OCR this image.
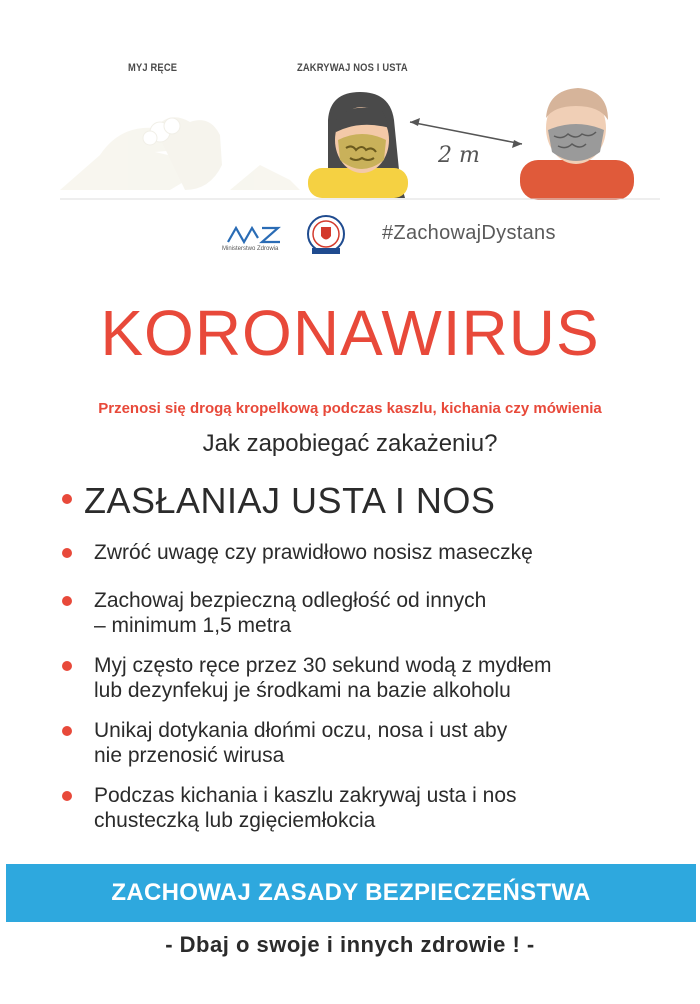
2 m
MYJ RĘCE	ZAKRYWAJ NOS I USTA
Ministerstwo Zdrowia
#ZachowajDystans
KORONAWIRUS
Przenosi się drogą kropelkową podczas kaszlu, kichania czy mówienia
Jak zapobiegać zakażeniu?
ZASŁANIAJ USTA I NOS
Zwróć uwagę czy prawidłowo nosisz maseczkę
Zachowaj bezpieczną odległość od innych
– minimum 1,5 metra
Myj często ręce przez 30 sekund wodą z mydłem
lub dezynfekuj je środkami na bazie alkoholu
Unikaj dotykania dłońmi oczu, nosa i ust aby
nie przenosić wirusa
Podczas kichania i kaszlu zakrywaj usta i nos
chusteczką lub zgięciemłokcia
ZACHOWAJ ZASADY BEZPIECZEŃSTWA
- Dbaj o swoje i innych zdrowie ! -
